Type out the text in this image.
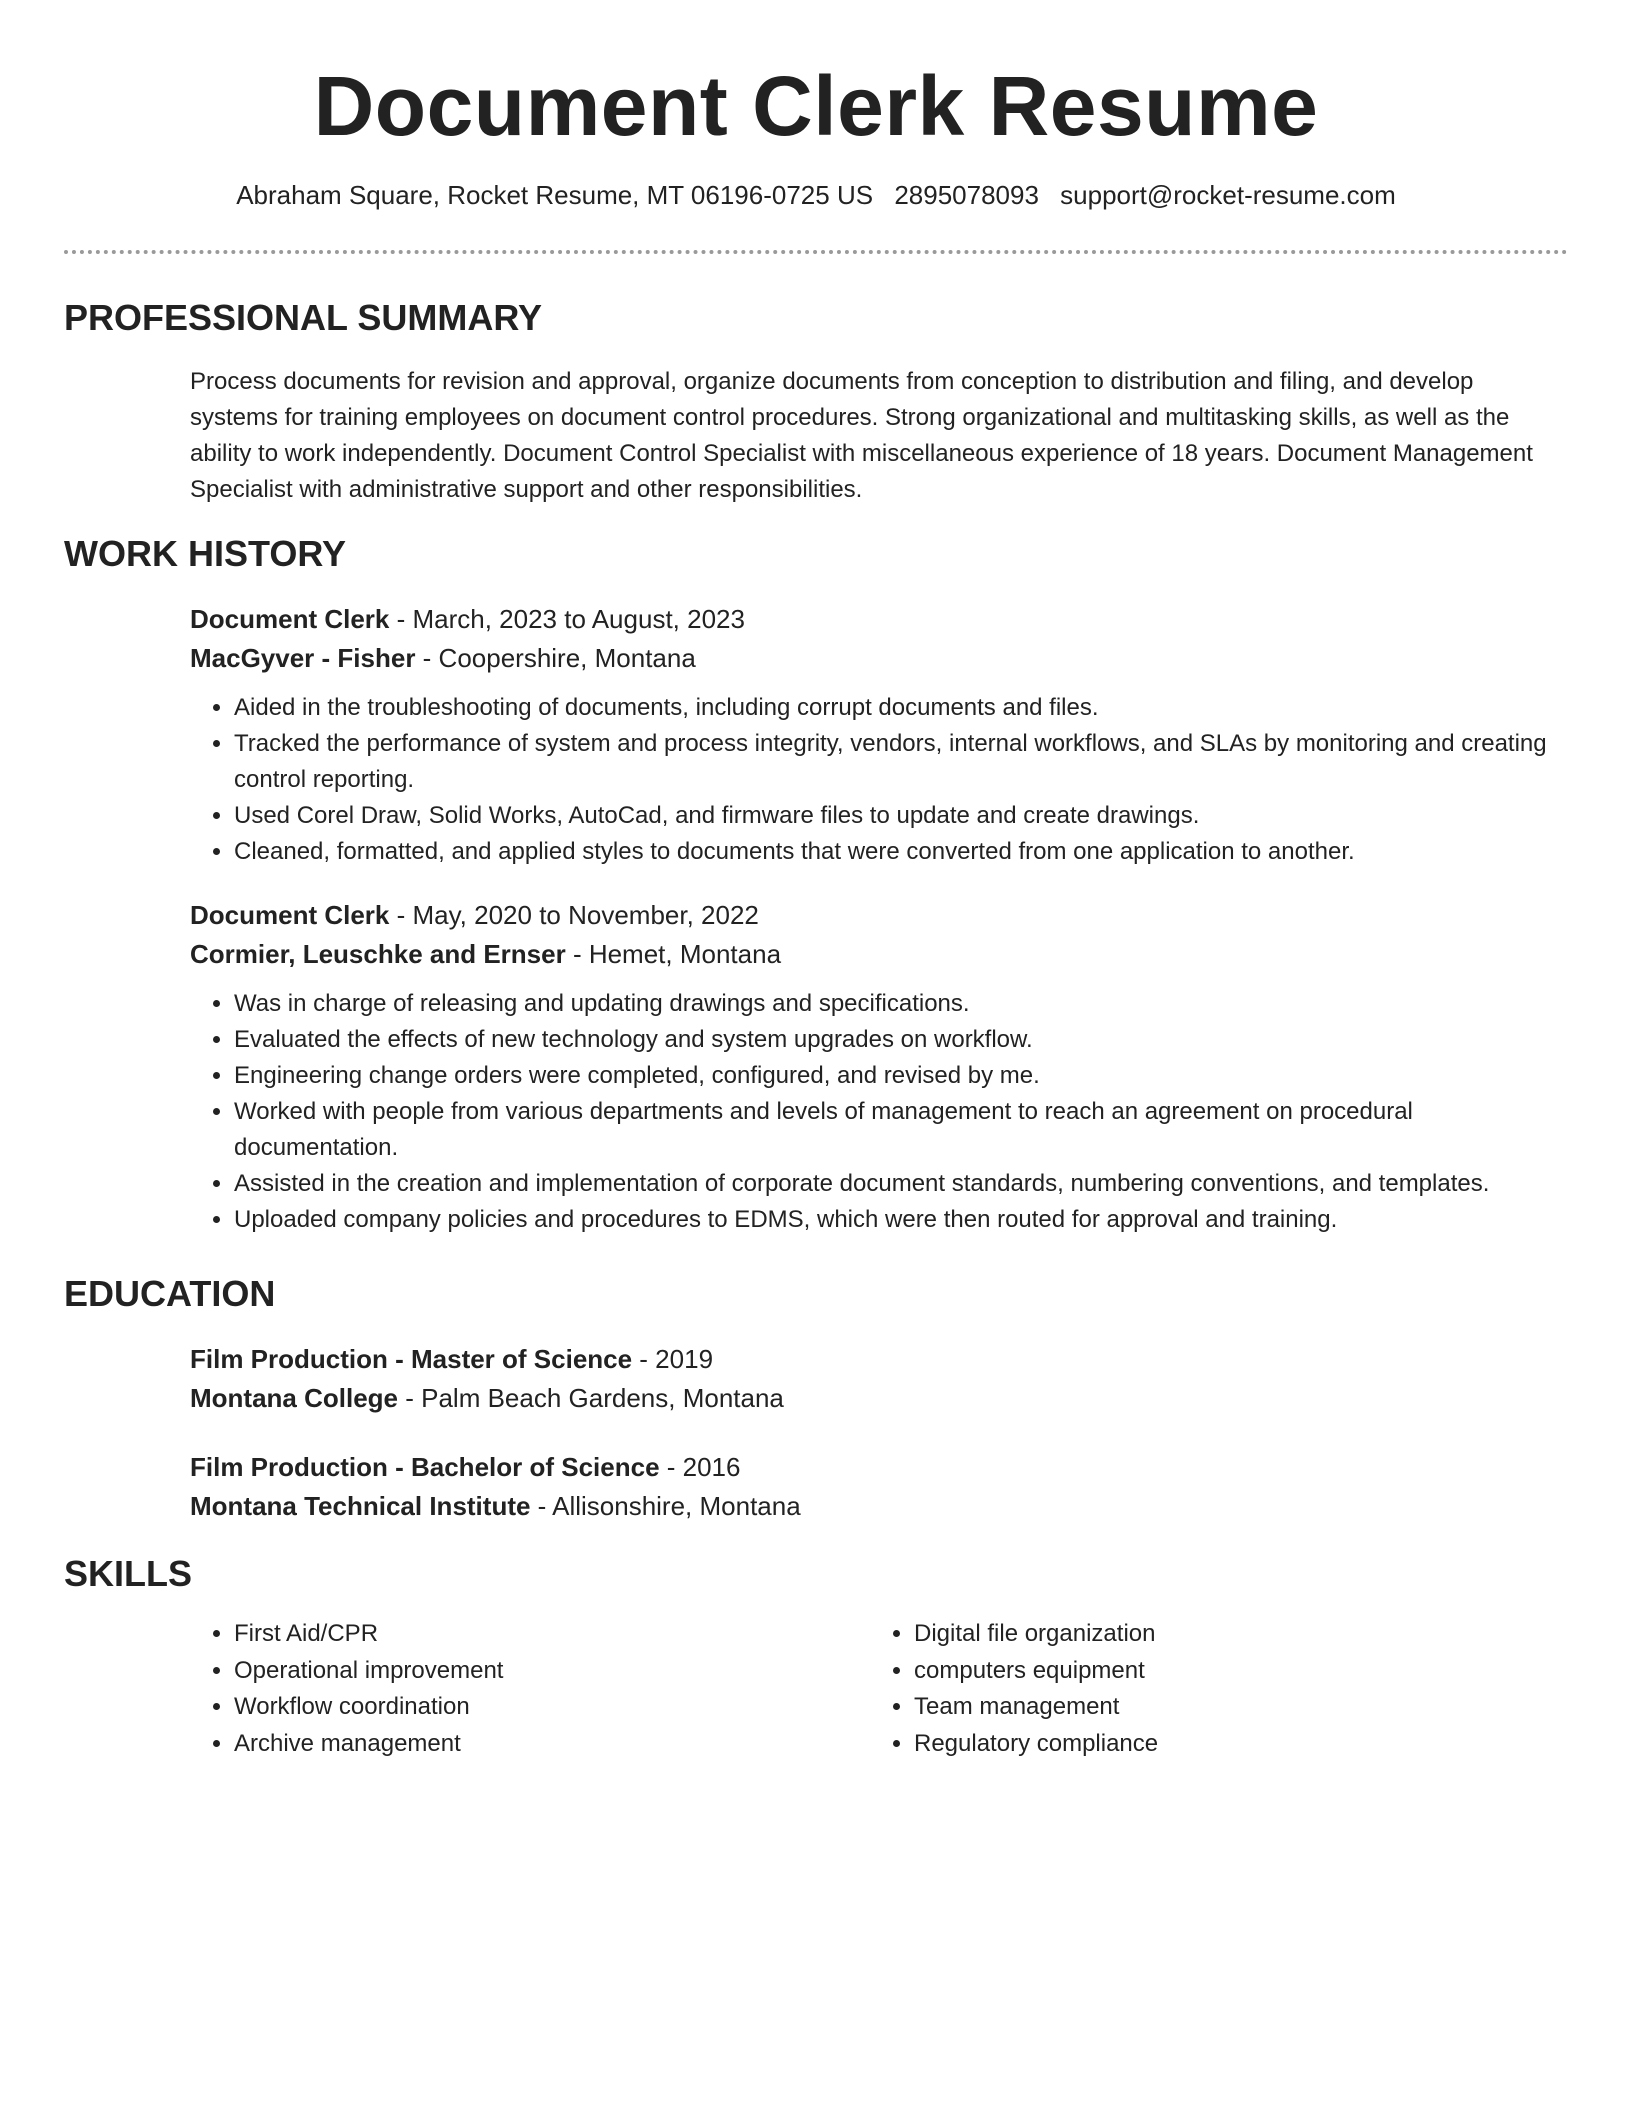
Document Clerk Resume
Abraham Square, Rocket Resume, MT 06196-0725 US 2895078093 support@rocket-resume.com
PROFESSIONAL SUMMARY

Process documents for revision and approval, organize documents from conception to distribution and filing, and develop systems for training employees on document control procedures. Strong organizational and multitasking skills, as well as the ability to work independently. Document Control Specialist with miscellaneous experience of 18 years. Document Management Specialist with administrative support and other responsibilities.

WORK HISTORY
Document Clerk - March, 2023 to August, 2023
MacGyver - Fisher - Coopershire, Montana
• Aided in the troubleshooting of documents, including corrupt documents and files.
• Tracked the performance of system and process integrity, vendors, internal workflows, and SLAs by monitoring and creating control reporting.
• Used Corel Draw, Solid Works, AutoCad, and firmware files to update and create drawings.
• Cleaned, formatted, and applied styles to documents that were converted from one application to another.
Document Clerk - May, 2020 to November, 2022
Cormier, Leuschke and Ernser - Hemet, Montana
• Was in charge of releasing and updating drawings and specifications.
• Evaluated the effects of new technology and system upgrades on workflow.
• Engineering change orders were completed, configured, and revised by me.
• Worked with people from various departments and levels of management to reach an agreement on procedural documentation.
• Assisted in the creation and implementation of corporate document standards, numbering conventions, and templates.
• Uploaded company policies and procedures to EDMS, which were then routed for approval and training.
EDUCATION
Film Production - Master of Science - 2019
Montana College - Palm Beach Gardens, Montana
Film Production - Bachelor of Science - 2016
Montana Technical Institute - Allisonshire, Montana
SKILLS
• First Aid/CPR
• Operational improvement
• Workflow coordination
• Archive management
• Digital file organization
• computers equipment
• Team management
• Regulatory compliance
